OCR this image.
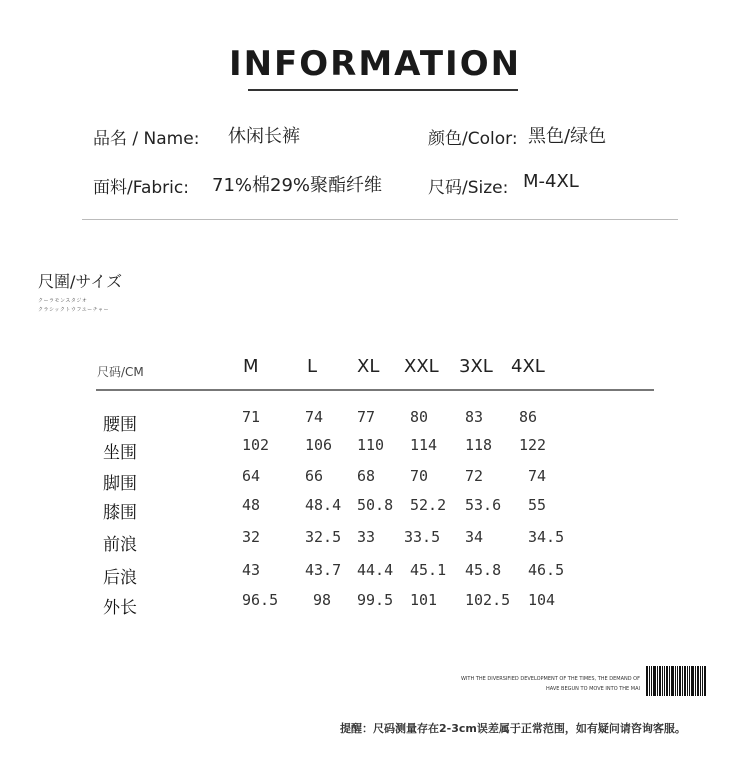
INFORMATION
品名 / Name: 休闲长裤	颜色/Color: 黑色/绿色
面料/Fabric: 71%棉29%聚酯纤维	尺码/Size: M-4XL
尺圍/サイズ
クーラモンスタジオ
クラシックトウフユーチャー
尺码/CM	M	L XL XXL 3XL 4XL
腰围	71	74 77 80 83 86
坐围	102 106 110 114 118 122
脚围	64	66 68 70 72	74
膝围	48	48.4 50.8 52.2 53.6 55
前浪	32	32.5 33 33.5 34	34.5
后浪	43	43.7 44.4 45.1 45.8 46.5
外长	96.5 98 99.5 101 102.5 104
WITH THE DIVERSIFIED DEVELOPMENT OF THE TIMES, THE DEMAND OF
HAVE BEGUN TO MOVE INTO THE MAI
提醒：尺码测量存在2-3cm误差属于正常范围，如有疑问请咨询客服。
